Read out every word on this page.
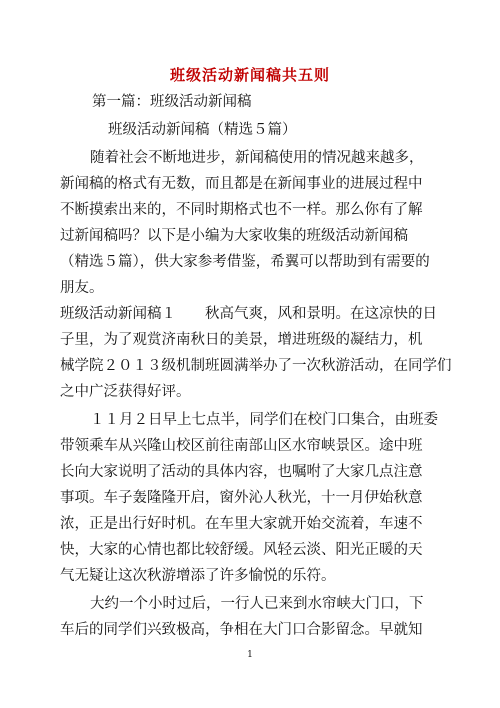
班级活动新闻稿共五则
第一篇：班级活动新闻稿
班级活动新闻稿（精选５篇）
随着社会不断地进步，新闻稿使用的情况越来越多，
新闻稿的格式有无数，而且都是在新闻事业的进展过程中
不断摸索出来的，不同时期格式也不一样。那么你有了解
过新闻稿吗？以下是小编为大家收集的班级活动新闻稿
（精选５篇），供大家参考借鉴，希翼可以帮助到有需要的
朋友。
班级活动新闻稿１　　秋高气爽，风和景明。在这凉快的日
子里，为了观赏济南秋日的美景，增进班级的凝结力，机
械学院２０１３级机制班圆满举办了一次秋游活动，在同学们
之中广泛获得好评。
１１月２日早上七点半，同学们在校门口集合，由班委
带领乘车从兴隆山校区前往南部山区水帘峡景区。途中班
长向大家说明了活动的具体内容，也嘱咐了大家几点注意
事项。车子轰隆隆开启，窗外沁人秋光，十一月伊始秋意
浓，正是出行好时机。在车里大家就开始交流着，车速不
快，大家的心情也都比较舒缓。风轻云淡、阳光正暖的天
气无疑让这次秋游增添了许多愉悦的乐符。
大约一个小时过后，一行人已来到水帘峡大门口，下
车后的同学们兴致极高，争相在大门口合影留念。早就知
1
